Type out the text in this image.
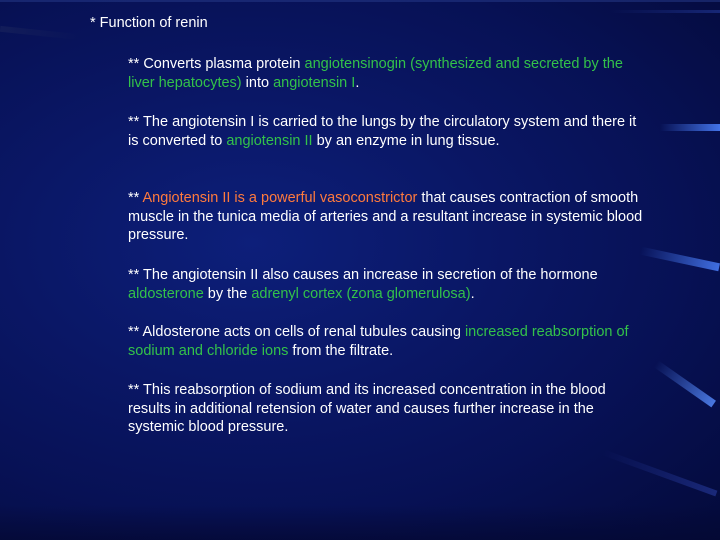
* Function of renin
** Converts plasma protein angiotensinogin (synthesized and secreted by the liver hepatocytes) into angiotensin I.
** The angiotensin I is carried to the lungs by the circulatory system and there it is converted to angiotensin II by an enzyme in lung tissue.
** Angiotensin II is a powerful vasoconstrictor that causes contraction of smooth muscle in the tunica media of arteries and a resultant increase in systemic blood pressure.
** The angiotensin II also causes an increase in secretion of the hormone aldosterone by the adrenyl cortex (zona glomerulosa).
** Aldosterone acts on cells of renal tubules causing increased reabsorption of sodium and chloride ions from the filtrate.
** This reabsorption of sodium and its increased concentration in the blood results in additional retension of water and causes further increase in the systemic blood pressure.
